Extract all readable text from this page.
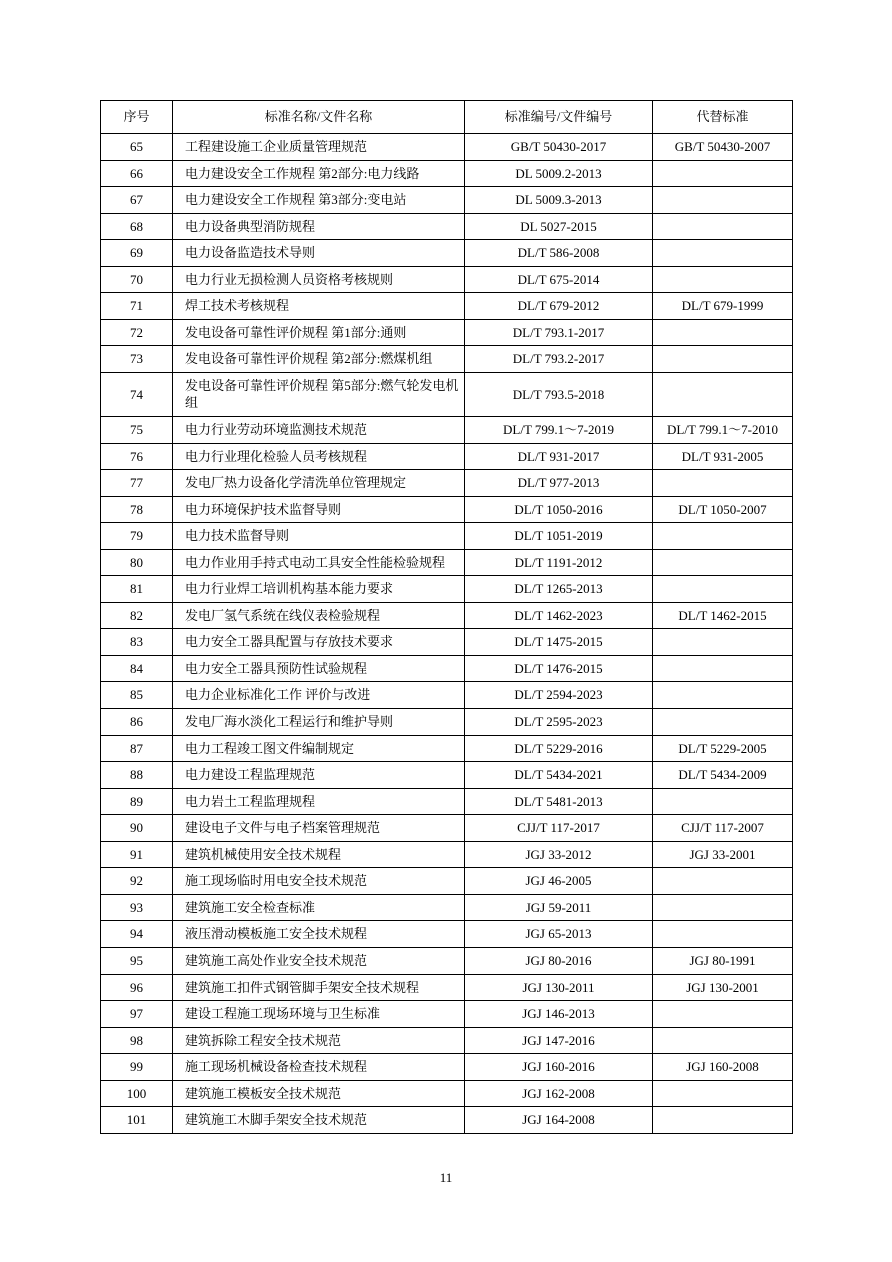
序号	标准名称/文件名称	标准编号/文件编号	代替标准
65	工程建设施工企业质量管理规范	GB/T 50430-2017	GB/T 50430-2007
66	电力建设安全工作规程 第2部分:电力线路	DL 5009.2-2013	
67	电力建设安全工作规程 第3部分:变电站	DL 5009.3-2013	
68	电力设备典型消防规程	DL 5027-2015	
69	电力设备监造技术导则	DL/T 586-2008	
70	电力行业无损检测人员资格考核规则	DL/T 675-2014	
71	焊工技术考核规程	DL/T 679-2012	DL/T 679-1999
72	发电设备可靠性评价规程 第1部分:通则	DL/T 793.1-2017	
73	发电设备可靠性评价规程 第2部分:燃煤机组	DL/T 793.2-2017	
74	发电设备可靠性评价规程 第5部分:燃气轮发电机组	DL/T 793.5-2018	
75	电力行业劳动环境监测技术规范	DL/T 799.1～7-2019	DL/T 799.1～7-2010
76	电力行业理化检验人员考核规程	DL/T 931-2017	DL/T 931-2005
77	发电厂热力设备化学清洗单位管理规定	DL/T 977-2013	
78	电力环境保护技术监督导则	DL/T 1050-2016	DL/T 1050-2007
79	电力技术监督导则	DL/T 1051-2019	
80	电力作业用手持式电动工具安全性能检验规程	DL/T 1191-2012	
81	电力行业焊工培训机构基本能力要求	DL/T 1265-2013	
82	发电厂氢气系统在线仪表检验规程	DL/T 1462-2023	DL/T 1462-2015
83	电力安全工器具配置与存放技术要求	DL/T 1475-2015	
84	电力安全工器具预防性试验规程	DL/T 1476-2015	
85	电力企业标准化工作 评价与改进	DL/T 2594-2023	
86	发电厂海水淡化工程运行和维护导则	DL/T 2595-2023	
87	电力工程竣工图文件编制规定	DL/T 5229-2016	DL/T 5229-2005
88	电力建设工程监理规范	DL/T 5434-2021	DL/T 5434-2009
89	电力岩土工程监理规程	DL/T 5481-2013	
90	建设电子文件与电子档案管理规范	CJJ/T 117-2017	CJJ/T 117-2007
91	建筑机械使用安全技术规程	JGJ 33-2012	JGJ 33-2001
92	施工现场临时用电安全技术规范	JGJ 46-2005	
93	建筑施工安全检查标准	JGJ 59-2011	
94	液压滑动模板施工安全技术规程	JGJ 65-2013	
95	建筑施工高处作业安全技术规范	JGJ 80-2016	JGJ 80-1991
96	建筑施工扣件式钢管脚手架安全技术规程	JGJ 130-2011	JGJ 130-2001
97	建设工程施工现场环境与卫生标准	JGJ 146-2013	
98	建筑拆除工程安全技术规范	JGJ 147-2016	
99	施工现场机械设备检查技术规程	JGJ 160-2016	JGJ 160-2008
100	建筑施工模板安全技术规范	JGJ 162-2008	
101	建筑施工木脚手架安全技术规范	JGJ 164-2008	
11
